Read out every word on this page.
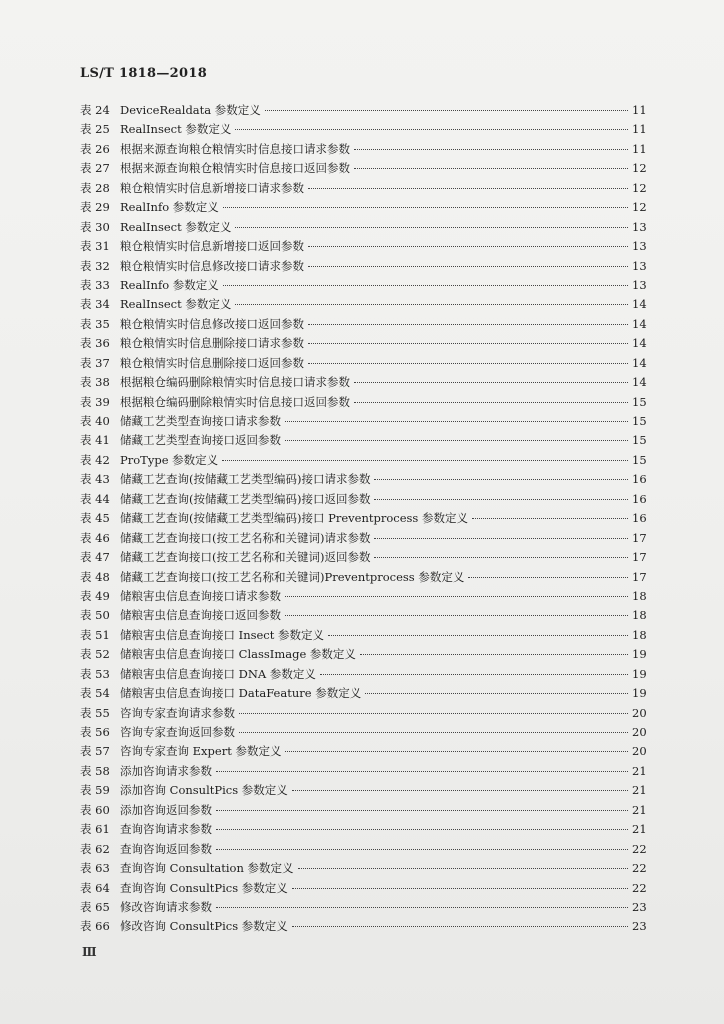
LS/T 1818—2018
表 24 DeviceRealdata 参数定义	11
表 25 RealInsect 参数定义	11
表 26 根据来源查询粮仓粮情实时信息接口请求参数	11
表 27 根据来源查询粮仓粮情实时信息接口返回参数	12
表 28 粮仓粮情实时信息新增接口请求参数	12
表 29 RealInfo 参数定义	12
表 30 RealInsect 参数定义	13
表 31 粮仓粮情实时信息新增接口返回参数	13
表 32 粮仓粮情实时信息修改接口请求参数	13
表 33 RealInfo 参数定义	13
表 34 RealInsect 参数定义	14
表 35 粮仓粮情实时信息修改接口返回参数	14
表 36 粮仓粮情实时信息删除接口请求参数	14
表 37 粮仓粮情实时信息删除接口返回参数	14
表 38 根据粮仓编码删除粮情实时信息接口请求参数	14
表 39 根据粮仓编码删除粮情实时信息接口返回参数	15
表 40 储藏工艺类型查询接口请求参数	15
表 41 储藏工艺类型查询接口返回参数	15
表 42 ProType 参数定义	15
表 43 储藏工艺查询(按储藏工艺类型编码)接口请求参数	16
表 44 储藏工艺查询(按储藏工艺类型编码)接口返回参数	16
表 45 储藏工艺查询(按储藏工艺类型编码)接口 Preventprocess 参数定义	16
表 46 储藏工艺查询接口(按工艺名称和关键词)请求参数	17
表 47 储藏工艺查询接口(按工艺名称和关键词)返回参数	17
表 48 储藏工艺查询接口(按工艺名称和关键词)Preventprocess 参数定义	17
表 49 储粮害虫信息查询接口请求参数	18
表 50 储粮害虫信息查询接口返回参数	18
表 51 储粮害虫信息查询接口 Insect 参数定义	18
表 52 储粮害虫信息查询接口 ClassImage 参数定义	19
表 53 储粮害虫信息查询接口 DNA 参数定义	19
表 54 储粮害虫信息查询接口 DataFeature 参数定义	19
表 55 咨询专家查询请求参数	20
表 56 咨询专家查询返回参数	20
表 57 咨询专家查询 Expert 参数定义	20
表 58 添加咨询请求参数	21
表 59 添加咨询 ConsultPics 参数定义	21
表 60 添加咨询返回参数	21
表 61 查询咨询请求参数	21
表 62 查询咨询返回参数	22
表 63 查询咨询 Consultation 参数定义	22
表 64 查询咨询 ConsultPics 参数定义	22
表 65 修改咨询请求参数	23
表 66 修改咨询 ConsultPics 参数定义	23
Ⅲ
